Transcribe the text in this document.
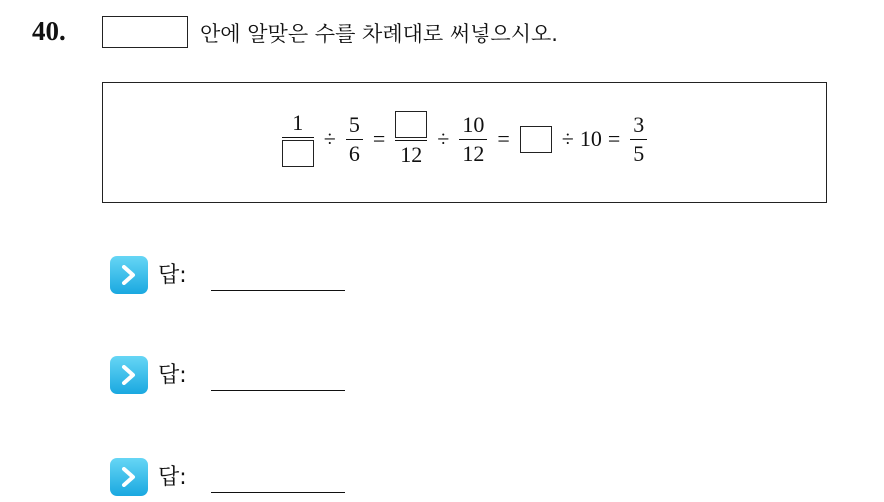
40.	안에 알맞은 수를 차례대로 써넣으시오.
1
÷ $\frac{5}{6}$ =
12
÷ $\frac{10}{12}$ = ÷ $10 = \frac{3}{5}$
답:
답:
답:
